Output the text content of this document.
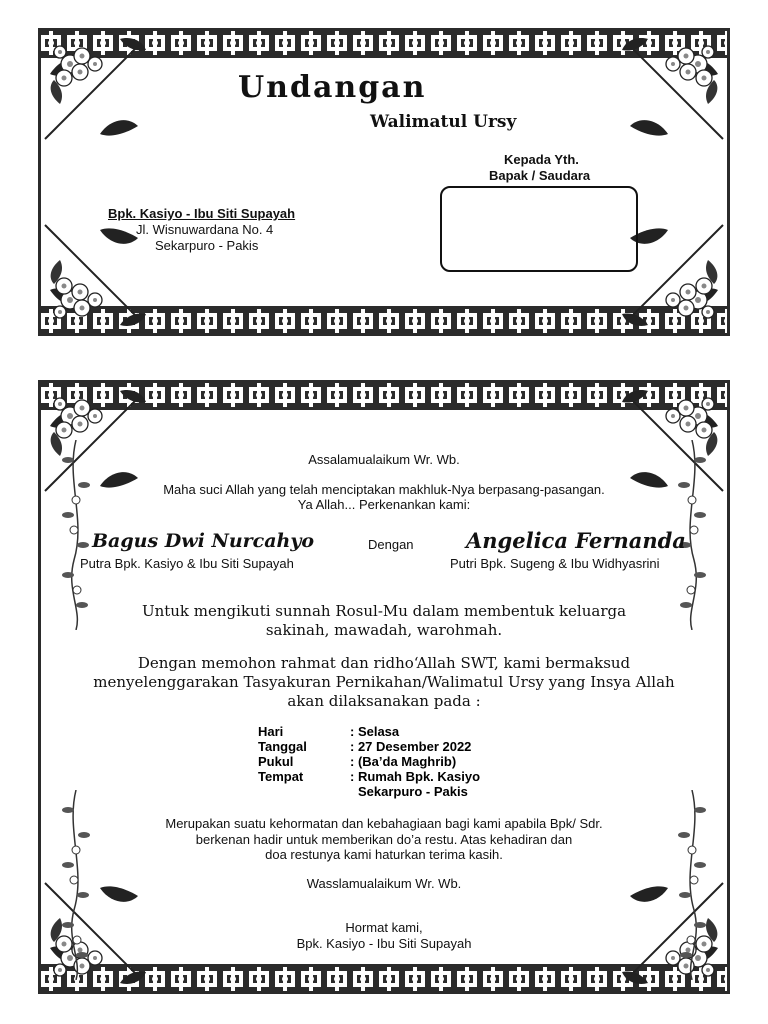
Undangan

Walimatul Ursy

Kepada Yth.

Bapak / Saudara

Bpk. Kasiyo - Ibu Siti Supayah

Jl. Wisnuwardana No. 4

Sekarpuro - Pakis

Assalamualaikum Wr. Wb.

Maha suci Allah yang telah menciptakan makhluk-Nya berpasang-pasangan.

Ya Allah... Perkenankan kami:

Bagus Dwi Nurcahyo	Dengan Angelica Fernanda

Putra Bpk. Kasiyo & Ibu Siti Supayah	Putri Bpk. Sugeng & Ibu Widhyasrini

Untuk mengikuti sunnah Rosul-Mu dalam membentuk keluarga

sakinah, mawadah, warohmah.

Dengan memohon rahmat dan ridho‘Allah SWT, kami bermaksud

menyelenggarakan Tasyakuran Pernikahan/Walimatul Ursy yang Insya Allah

akan dilaksanakan pada :

Hari	: Selasa
Tanggal	: 27 Desember 2022
Pukul	: (Ba’da Maghrib)
Tempat	: Rumah Bpk. Kasiyo
Sekarpuro - Pakis

Merupakan suatu kehormatan dan kebahagiaan bagi kami apabila Bpk/ Sdr.

berkenan hadir untuk memberikan do’a restu. Atas kehadiran dan

doa restunya kami haturkan terima kasih.

Wasslamualaikum Wr. Wb.

Hormat kami,

Bpk. Kasiyo - Ibu Siti Supayah
